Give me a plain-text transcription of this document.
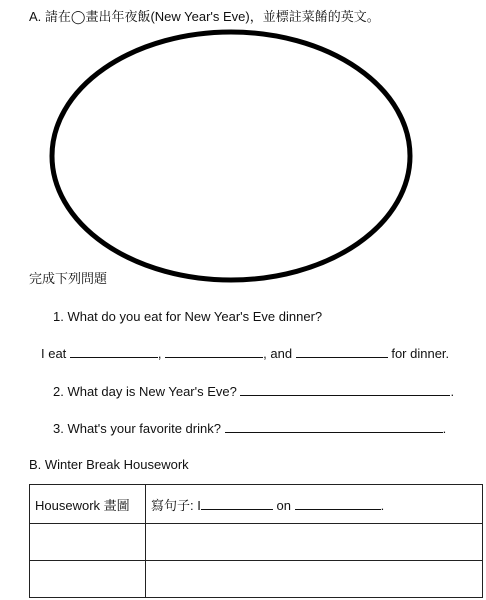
A. 請在◯畫出年夜飯(New Year's Eve)，並標註菜餚的英文。
完成下列問題
1. What do you eat for New Year's Eve dinner?
I eat	,	, and	for dinner.
2. What day is New Year's Eve?	.
3. What's your favorite drink?	.
B. Winter Break Housework
Housework 畫圖	寫句子: I on .
